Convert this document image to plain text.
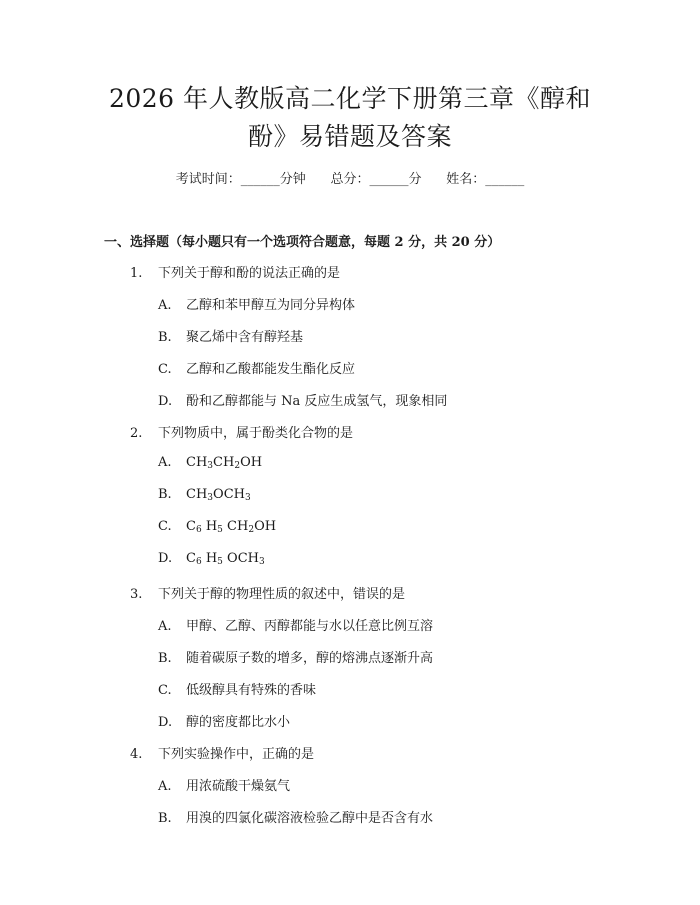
2026 年人教版高二化学下册第三章《醇和
酚》易错题及答案
考试时间：______分钟      总分：______分      姓名：______
一、选择题（每小题只有一个选项符合题意，每题 2 分，共 20 分）
1. 下列关于醇和酚的说法正确的是
A. 乙醇和苯甲醇互为同分异构体
B. 聚乙烯中含有醇羟基
C. 乙醇和乙酸都能发生酯化反应
D. 酚和乙醇都能与 Na 反应生成氢气，现象相同
2. 下列物质中，属于酚类化合物的是
A. $CH_3CH_2OH$
B. $CH_3OCH_3$
C. $C_6$ $H_5$ $CH_2OH$
D. $C_6$ $H_5$ $OCH_3$
3. 下列关于醇的物理性质的叙述中，错误的是
A. 甲醇、乙醇、丙醇都能与水以任意比例互溶
B. 随着碳原子数的增多，醇的熔沸点逐渐升高
C. 低级醇具有特殊的香味
D. 醇的密度都比水小
4. 下列实验操作中，正确的是
A. 用浓硫酸干燥氨气
B. 用溴的四氯化碳溶液检验乙醇中是否含有水
